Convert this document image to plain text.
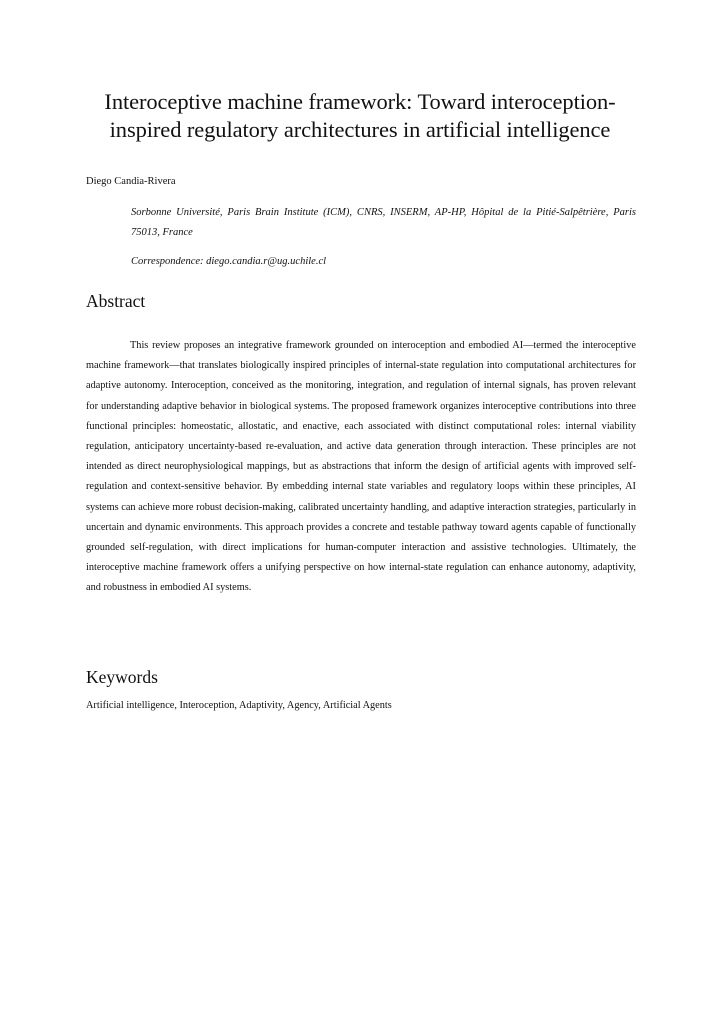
Interoceptive machine framework: Toward interoception-inspired regulatory architectures in artificial intelligence
Diego Candia-Rivera
Sorbonne Université, Paris Brain Institute (ICM), CNRS, INSERM, AP-HP, Hôpital de la Pitié-Salpêtrière, Paris 75013, France
Correspondence: diego.candia.r@ug.uchile.cl
Abstract

This review proposes an integrative framework grounded on interoception and embodied AI—termed the interoceptive machine framework—that translates biologically inspired principles of internal-state regulation into computational architectures for adaptive autonomy. Interoception, conceived as the monitoring, integration, and regulation of internal signals, has proven relevant for understanding adaptive behavior in biological systems. The proposed framework organizes interoceptive contributions into three functional principles: homeostatic, allostatic, and enactive, each associated with distinct computational roles: internal viability regulation, anticipatory uncertainty-based re-evaluation, and active data generation through interaction. These principles are not intended as direct neurophysiological mappings, but as abstractions that inform the design of artificial agents with improved self-regulation and context-sensitive behavior. By embedding internal state variables and regulatory loops within these principles, AI systems can achieve more robust decision-making, calibrated uncertainty handling, and adaptive interaction strategies, particularly in uncertain and dynamic environments. This approach provides a concrete and testable pathway toward agents capable of functionally grounded self-regulation, with direct implications for human-computer interaction and assistive technologies. Ultimately, the interoceptive machine framework offers a unifying perspective on how internal-state regulation can enhance autonomy, adaptivity, and robustness in embodied AI systems.

Keywords
Artificial intelligence, Interoception, Adaptivity, Agency, Artificial Agents
